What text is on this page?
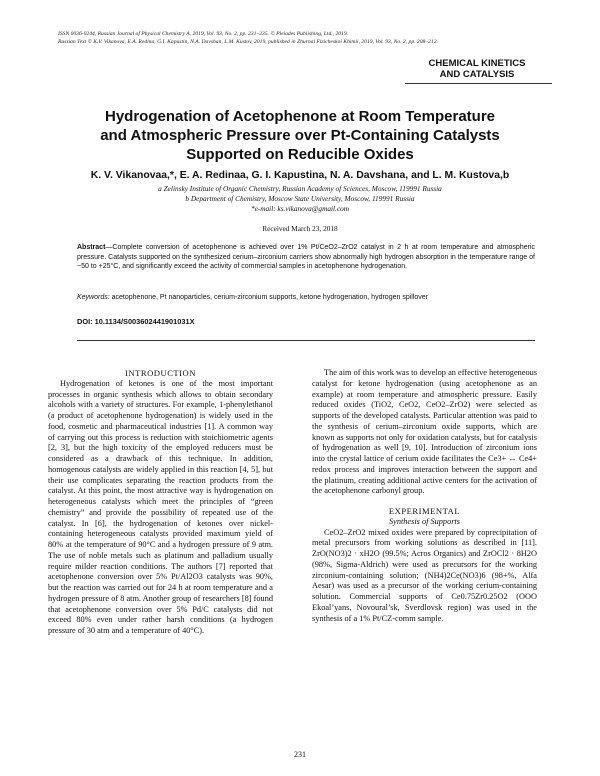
ISSN 0036-0244, Russian Journal of Physical Chemistry A, 2019, Vol. 93, No. 2, pp. 231–235. © Pleiades Publishing, Ltd., 2019.
Russian Text © K.V. Vikanova, E.A. Redina, G.I. Kapustin, N.A. Davshan, L.M. Kustov, 2019, published in Zhurnal Fizicheskoi Khimii, 2019, Vol. 93, No. 2, pp. 208–212.
CHEMICAL KINETICS
AND CATALYSIS
Hydrogenation of Acetophenone at Room Temperature
and Atmospheric Pressure over Pt-Containing Catalysts
Supported on Reducible Oxides
K. V. Vikanovaa,*, E. A. Redinaa, G. I. Kapustina, N. A. Davshana, and L. M. Kustova,b
a Zelinsky Institute of Organic Chemistry, Russian Academy of Sciences, Moscow, 119991 Russia
b Department of Chemistry, Moscow State University, Moscow, 119991 Russia
*e-mail: ks.vikanova@gmail.com
Received March 23, 2018
Abstract—Complete conversion of acetophenone is achieved over 1% Pt/CeO2–ZrO2 catalyst in 2 h at room temperature and atmospheric pressure. Catalysts supported on the synthesized cerium–zirconium carriers show abnormally high hydrogen absorption in the temperature range of −50 to +25°C, and significantly exceed the activity of commercial samples in acetophenone hydrogenation.
Keywords: acetophenone, Pt nanoparticles, cerium-zirconium supports, ketone hydrogenation, hydrogen spillover
DOI: 10.1134/S003602441901031X

INTRODUCTION

Hydrogenation of ketones is one of the most important processes in organic synthesis which allows to obtain secondary alcohols with a variety of structures. For example, 1-phenylethanol (a product of acetophenone hydrogenation) is widely used in the food, cosmetic and pharmaceutical industries [1]. A common way of carrying out this process is reduction with stoichiometric agents [2, 3], but the high toxicity of the employed reducers must be considered as a drawback of this technique. In addition, homogenous catalysts are widely applied in this reaction [4, 5], but their use complicates separating the reaction products from the catalyst. At this point, the most attractive way is hydrogenation on heterogeneous catalysts which meet the principles of “green chemistry” and provide the possibility of repeated use of the catalyst. In [6], the hydrogenation of ketones over nickel-containing heterogeneous catalysts provided maximum yield of 80% at the temperature of 90°C and a hydrogen pressure of 9 atm. The use of noble metals such as platinum and palladium usually require milder reaction conditions. The authors [7] reported that acetophenone conversion over 5% Pt/Al2O3 catalysts was 90%, but the reaction was carried out for 24 h at room temperature and a hydrogen pressure of 8 atm. Another group of researchers [8] found that acetophenone conversion over 5% Pd/C catalysts did not exceed 80% even under rather harsh conditions (a hydrogen pressure of 30 atm and a temperature of 40°C).

The aim of this work was to develop an effective heterogeneous catalyst for ketone hydrogenation (using acetophenone as an example) at room temperature and atmospheric pressure. Easily reduced oxides (TiO2, CeO2, CeO2–ZrO2) were selected as supports of the developed catalysts. Particular attention was paid to the synthesis of cerium–zirconium oxide supports, which are known as supports not only for oxidation catalysts, but for catalysis of hydrogenation as well [9, 10]. Introduction of zirconium ions into the crystal lattice of cerium oxide facilitates the Ce3+ ↔ Ce4+ redox process and improves interaction between the support and the platinum, creating additional active centers for the activation of the acetophenone carbonyl group.

EXPERIMENTAL

Synthesis of Supports

CeO2–ZrO2 mixed oxides were prepared by coprecipitation of metal precursors from working solutions as described in [11]. ZrO(NO3)2 · xH2O (99.5%; Acros Organics) and ZrOCl2 · 8H2O (98%, Sigma-Aldrich) were used as precursors for the working zirconium-containing solution; (NH4)2Ce(NO3)6 (98+%, Alfa Aesar) was used as a precursor of the working cerium-containing solution. Commercial supports of Ce0.75Zr0.25O2 (OOO Ekoal’yans, Novoural’sk, Sverdlovsk region) was used in the synthesis of a 1% Pt/CZ-comm sample.

231
